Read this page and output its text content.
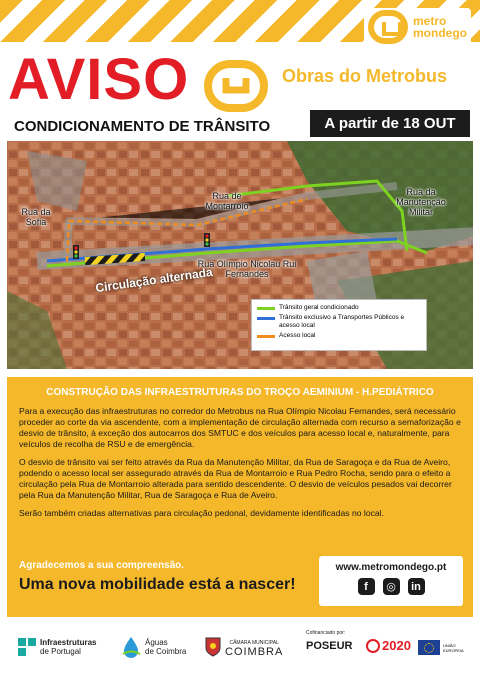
metro
mondego
AVISO	Obras do Metrobus
CONDICIONAMENTO DE TRÂNSITO	A partir de 18 OUT
Rua da Sofia
Rua de Montarroio
Rua da Manutenção Militar
Rua Olímpio Nicolau Rui Fernandes
Circulação alternada
Trânsito geral condicionado
Trânsito exclusivo a Transportes Públicos e acesso local
Acesso local
CONSTRUÇÃO DAS INFRAESTRUTURAS DO TROÇO AEMINIUM - H.PEDIÁTRICO

Para a execução das infraestruturas no corredor do Metrobus na Rua Olímpio Nicolau Fernandes, será necessário proceder ao corte da via ascendente, com a implementação de circulação alternada com recurso a semaforização e desvio de trânsito, à exceção dos autocarros dos SMTUC e dos veículos para acesso local e, naturalmente, para veículos de recolha de RSU e de emergência.

O desvio de trânsito vai ser feito através da Rua da Manutenção Militar, da Rua de Saragoça e da Rua de Aveiro, podendo o acesso local ser assegurado através da Rua de Montarroio e Rua Pedro Rocha, sendo para o efeito a circulação pela Rua de Montarroio alterada para sentido descendente. O desvio de veículos pesados vai decorrer pela Rua da Manutenção Militar, Rua de Saragoça e Rua de Aveiro.

Serão também criadas alternativas para circulação pedonal, devidamente identificadas no local.

Agradecemos a sua compreensão.
Uma nova mobilidade está a nascer!
www.metromondego.pt
f	◎	in
Infraestruturas
de Portugal
Águas
de Coimbra
CÂMARA MUNICIPAL
COIMBRA
Cofinanciado por:
POSEUR 2020	UNIÃO EUROPEIA
